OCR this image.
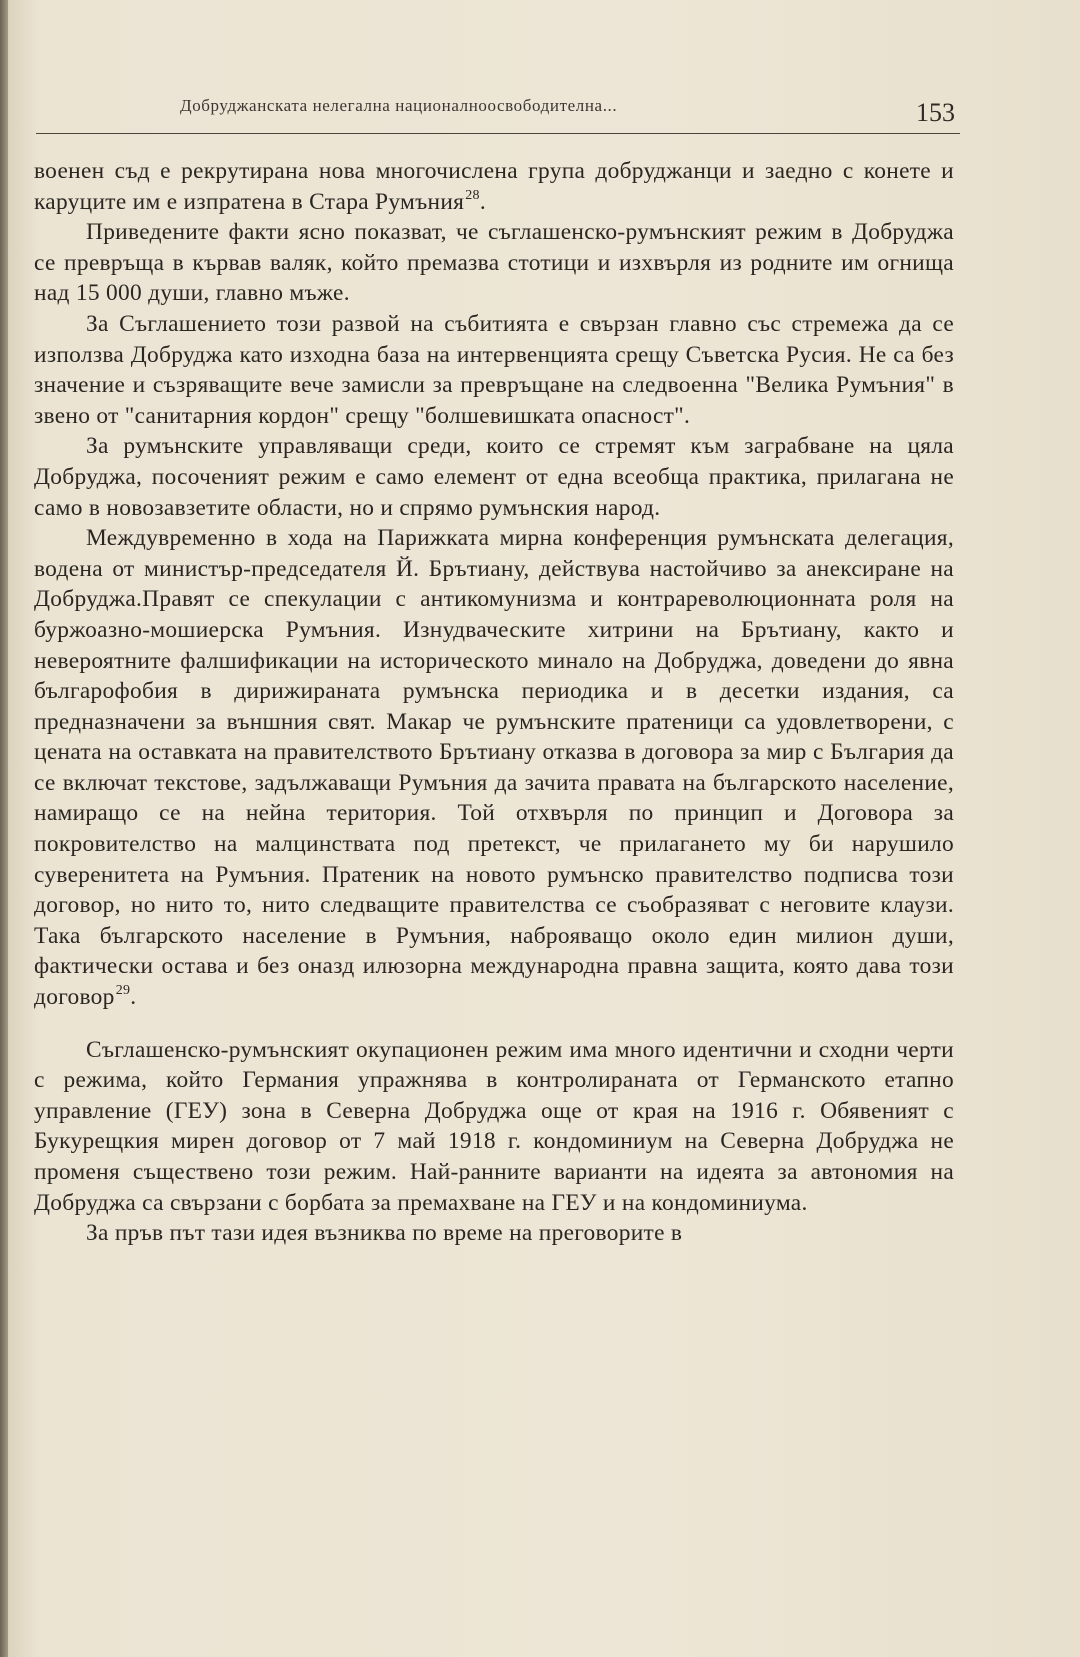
Добруджанската нелегална националноосвободителна...	153

военен съд е рекрутирана нова многочислена група добруджанци и заедно с конете и каруците им е изпратена в Стара Румъния$^{28}$.

Приведените факти ясно показват, че съглашенско-румънският режим в Добруджа се превръща в кървав валяк, който премазва стотици и изхвърля из родните им огнища над 15 000 души, главно мъже.

За Съглашението този развой на събитията е свързан главно със стремежа да се използва Добруджа като изходна база на интервенцията срещу Съветска Русия. Не са без значение и съзряващите вече замисли за превръщане на следвоенна "Велика Румъния" в звено от "санитарния кордон" срещу "болшевишката опасност".

За румънските управляващи среди, които се стремят към заграбване на цяла Добруджа, посоченият режим е само елемент от една всеобща практика, прилагана не само в новозавзетите области, но и спрямо румънския народ.

Междувременно в хода на Парижката мирна конференция румънската делегация, водена от министър-председателя Й. Брътиану, действува настойчиво за анексиране на Добруджа.Правят се спекулации с антикомунизма и контрареволюционната роля на буржоазно-мошиерска Румъния. Изнудваческите хитрини на Брътиану, както и невероятните фалшификации на историческото минало на Добруджа, доведени до явна българофобия в дирижираната румънска периодика и в десетки издания, са предназначени за външния свят. Макар че румънските пратеници са удовлетворени, с цената на оставката на правителството Брътиану отказва в договора за мир с България да се включат текстове, задължаващи Румъния да зачита правата на българското население, намиращо се на нейна територия. Той отхвърля по принцип и Договора за покровителство на малцинствата под претекст, че прилагането му би нарушило суверенитета на Румъния. Пратеник на новото румънско правителство подписва този договор, но нито то, нито следващите правителства се съобразяват с неговите клаузи. Така българското население в Румъния, наброяващо около един милион души, фактически остава и без оназд илюзорна международна правна защита, която дава този договор$^{29}$.

Съглашенско-румънският окупационен режим има много идентични и сходни черти с режима, който Германия упражнява в контролираната от Германското етапно управление (ГЕУ) зона в Северна Добруджа още от края на 1916 г. Обявеният с Букурещкия мирен договор от 7 май 1918 г. кондоминиум на Северна Добруджа не променя съществено този режим. Най-ранните варианти на идеята за автономия на Добруджа са свързани с борбата за премахване на ГЕУ и на кондоминиума.

За пръв път тази идея възниква по време на преговорите в
